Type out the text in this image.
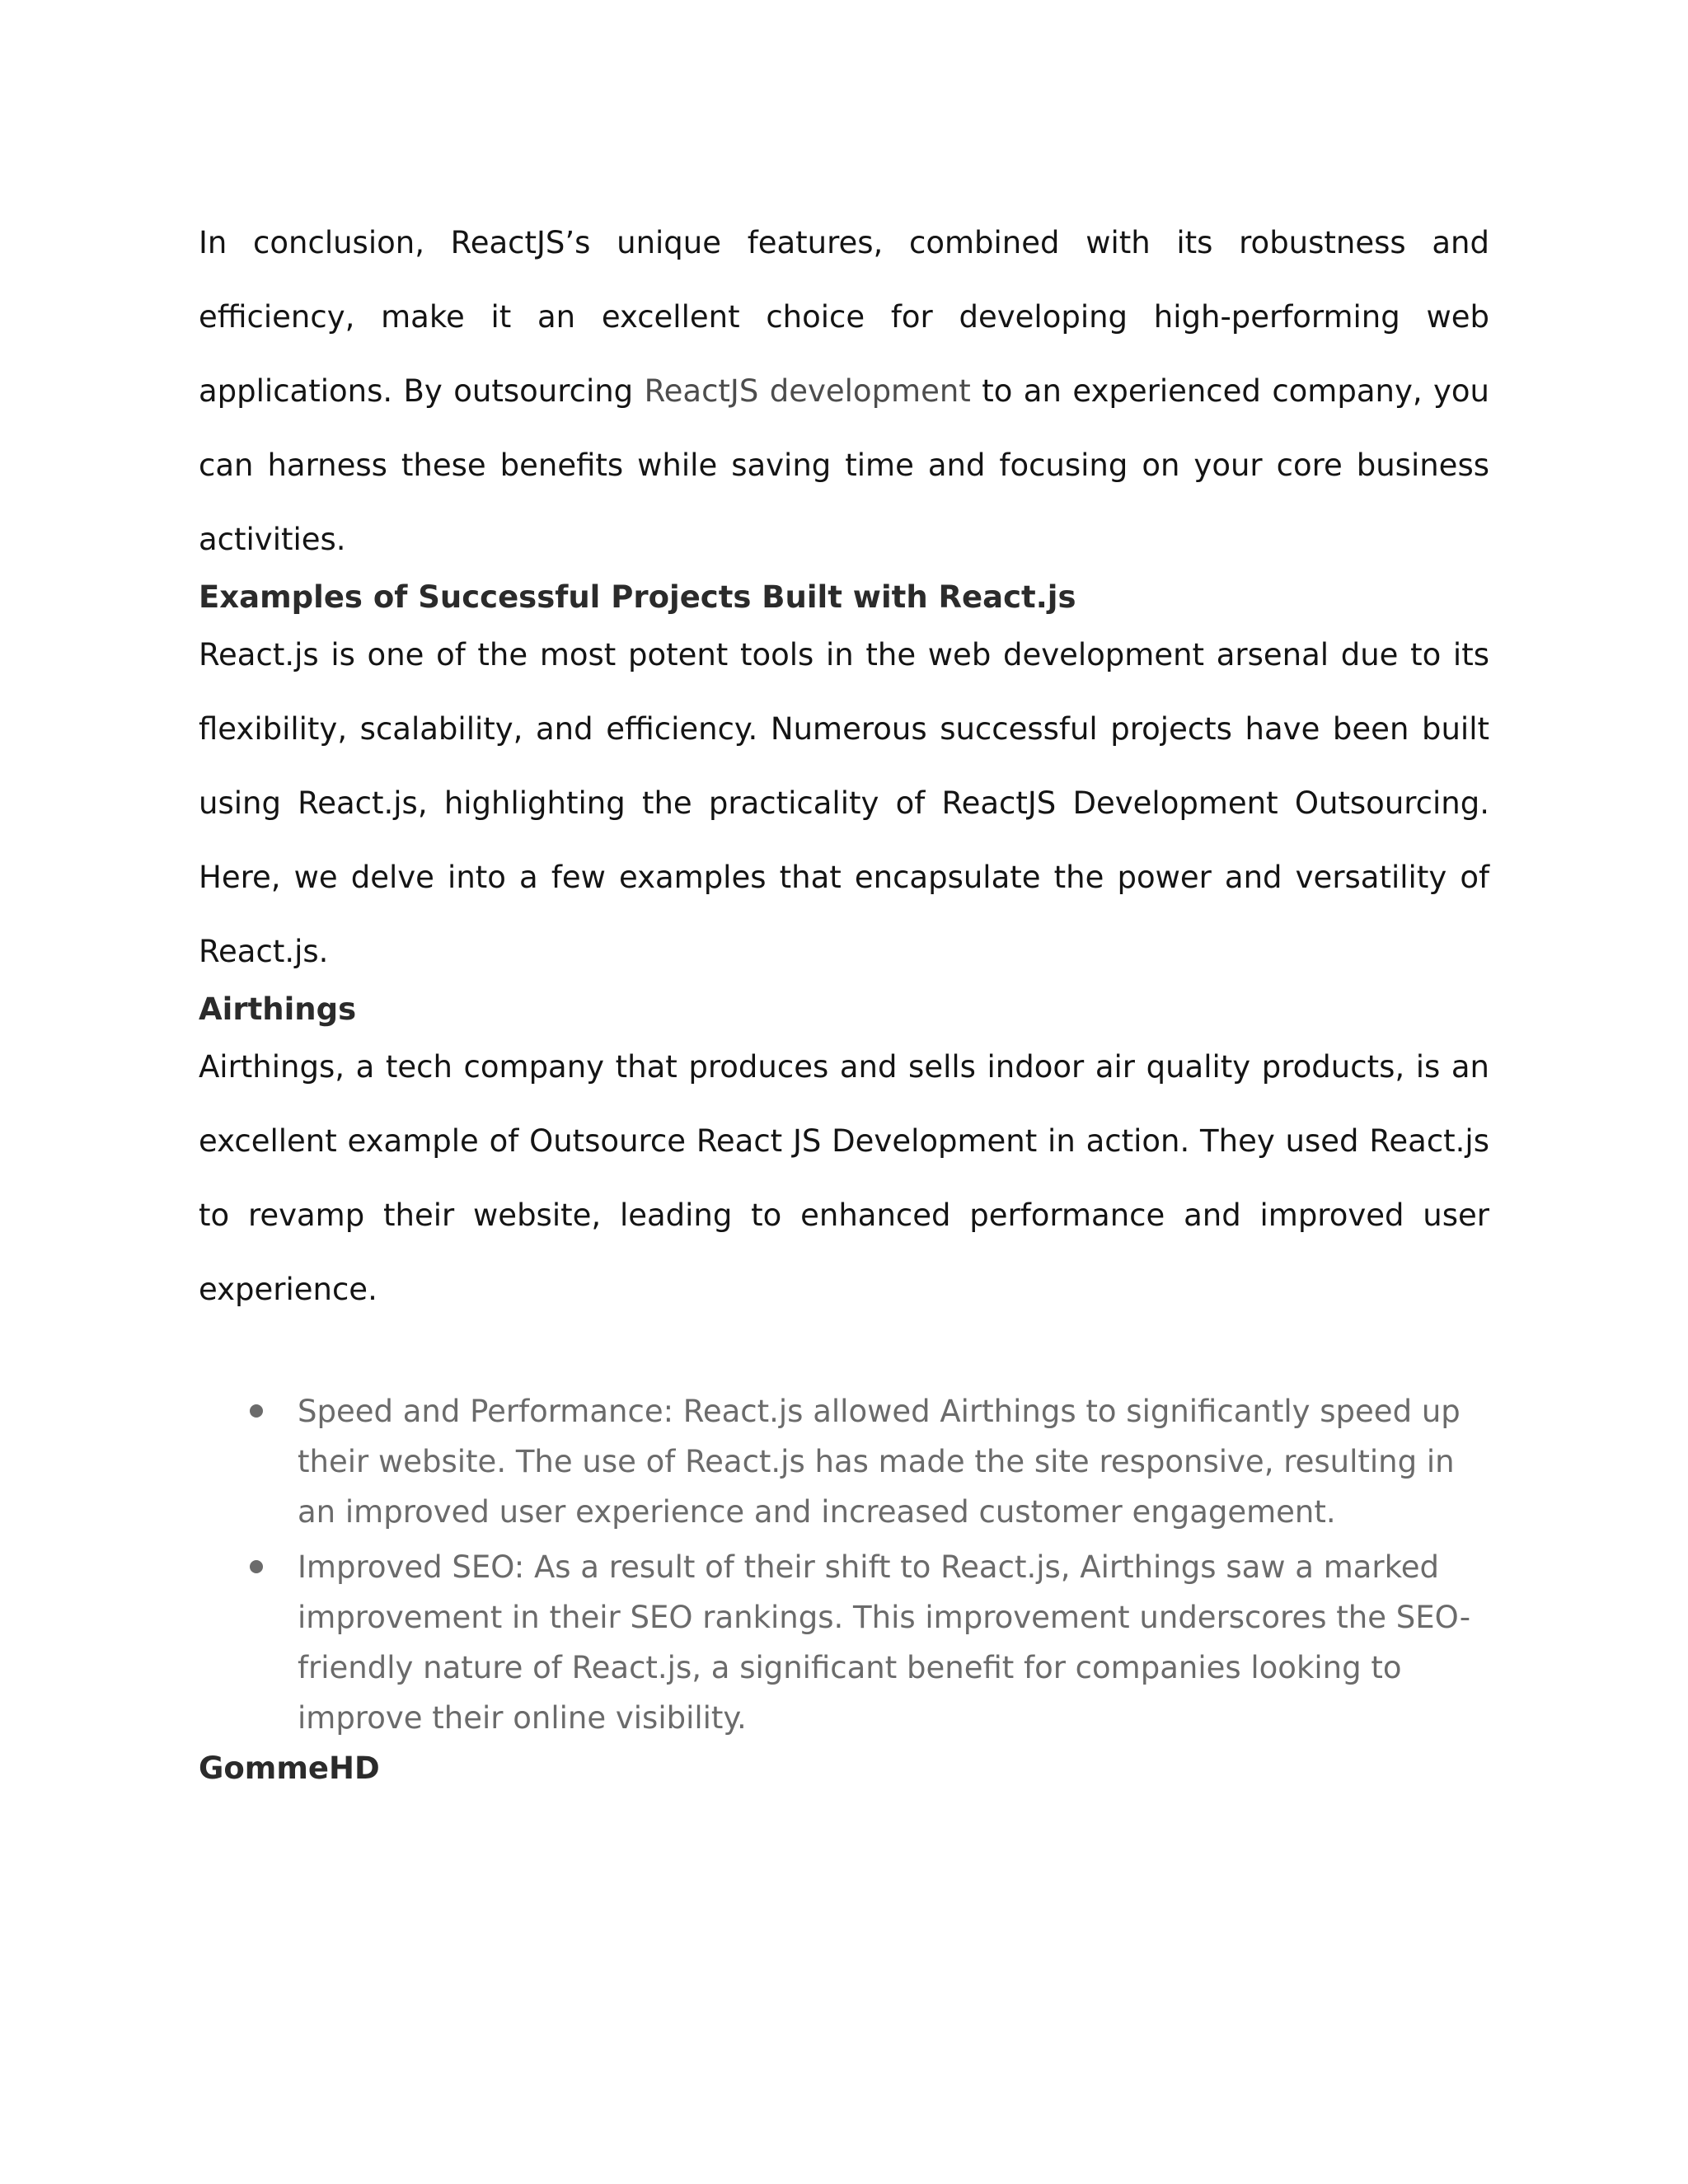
In conclusion, ReactJS’s unique features, combined with its robustness and efficiency, make it an excellent choice for developing high-performing web applications. By outsourcing ReactJS development to an experienced company, you can harness these benefits while saving time and focusing on your core business activities.

Examples of Successful Projects Built with React.js

React.js is one of the most potent tools in the web development arsenal due to its flexibility, scalability, and efficiency. Numerous successful projects have been built using React.js, highlighting the practicality of ReactJS Development Outsourcing. Here, we delve into a few examples that encapsulate the power and versatility of React.js.

Airthings

Airthings, a tech company that produces and sells indoor air quality products, is an excellent example of Outsource React JS Development in action. They used React.js to revamp their website, leading to enhanced performance and improved user experience.

Speed and Performance: React.js allowed Airthings to significantly speed up their website. The use of React.js has made the site responsive, resulting in an improved user experience and increased customer engagement.
Improved SEO: As a result of their shift to React.js, Airthings saw a marked improvement in their SEO rankings. This improvement underscores the SEO-friendly nature of React.js, a significant benefit for companies looking to improve their online visibility.
GommeHD
